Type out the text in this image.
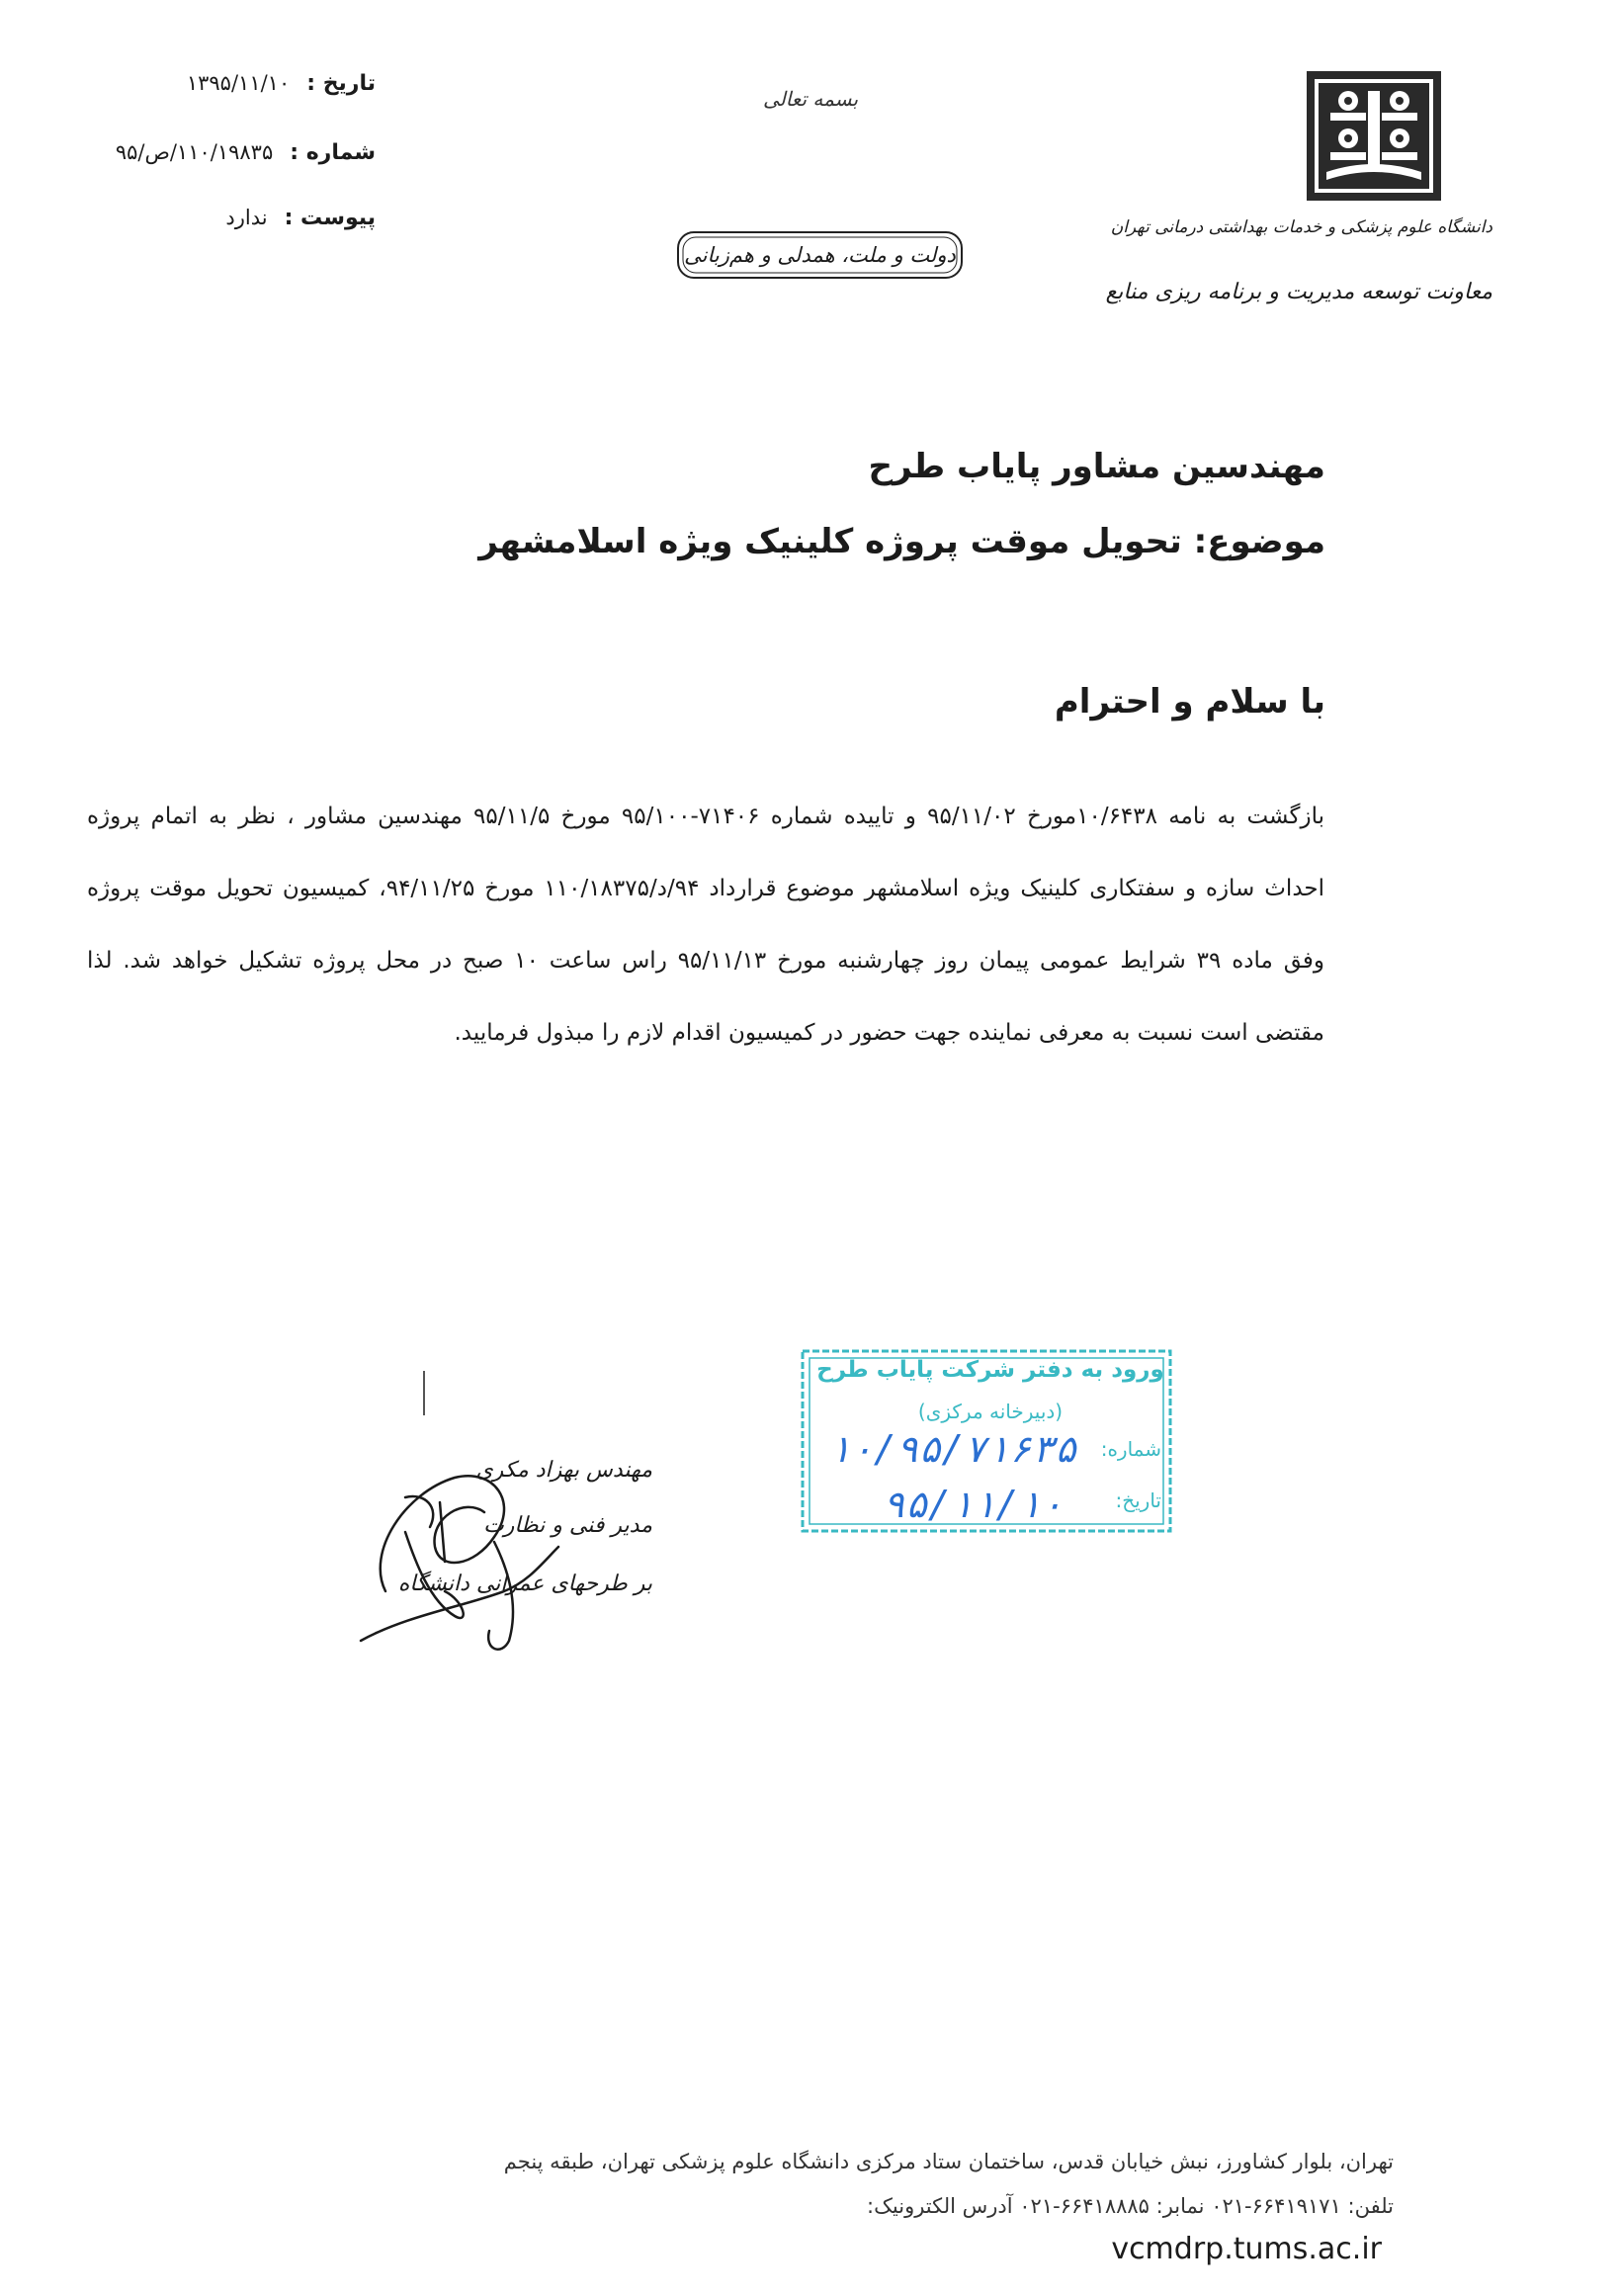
تاریخ : ۱۳۹۵/۱۱/۱۰
شماره : ۱۱۰/۱۹۸۳۵/ص/۹۵
پیوست : ندارد
بسمه تعالی
دولت و ملت، همدلی و هم‌زبانی
دانشگاه علوم پزشکی و خدمات بهداشتی درمانی تهران
معاونت توسعه مدیریت و برنامه ریزی منابع
مهندسین مشاور پایاب طرح
موضوع: تحویل موقت پروژه کلینیک ویژه اسلامشهر
با سلام و احترام
بازگشت به نامه ۱۰/۶۴۳۸مورخ ۹۵/۱۱/۰۲ و تاییده شماره ۷۱۴۰۶-۹۵/۱۰۰ مورخ ۹۵/۱۱/۵ مهندسین مشاور ، نظر به اتمام پروژه احداث سازه و سفتکاری کلینیک ویژه اسلامشهر موضوع قرارداد ۹۴/د/۱۱۰/۱۸۳۷۵ مورخ ۹۴/۱۱/۲۵، کمیسیون تحویل موقت پروژه وفق ماده ۳۹ شرایط عمومی پیمان روز چهارشنبه مورخ ۹۵/۱۱/۱۳ راس ساعت ۱۰ صبح در محل پروژه تشکیل خواهد شد. لذا مقتضی است نسبت به معرفی نماینده جهت حضور در کمیسیون اقدام لازم را مبذول فرمایید.
ورود به دفتر شرکت پایاب طرح
(دبیرخانه مرکزی)
شماره:
تاریخ:
۱۰/۹۵/۷۱۶۳۵
۹۵/۱۱/۱۰
مهندس بهزاد مکری
مدیر فنی و نظارت
بر طرحهای عمرانی دانشگاه
تهران، بلوار کشاورز، نبش خیابان قدس، ساختمان ستاد مرکزی دانشگاه علوم پزشکی تهران، طبقه پنجم
تلفن: ۶۶۴۱۹۱۷۱-۰۲۱ نمابر: ۶۶۴۱۸۸۸۵-۰۲۱ آدرس الکترونیک:
vcmdrp.tums.ac.ir
